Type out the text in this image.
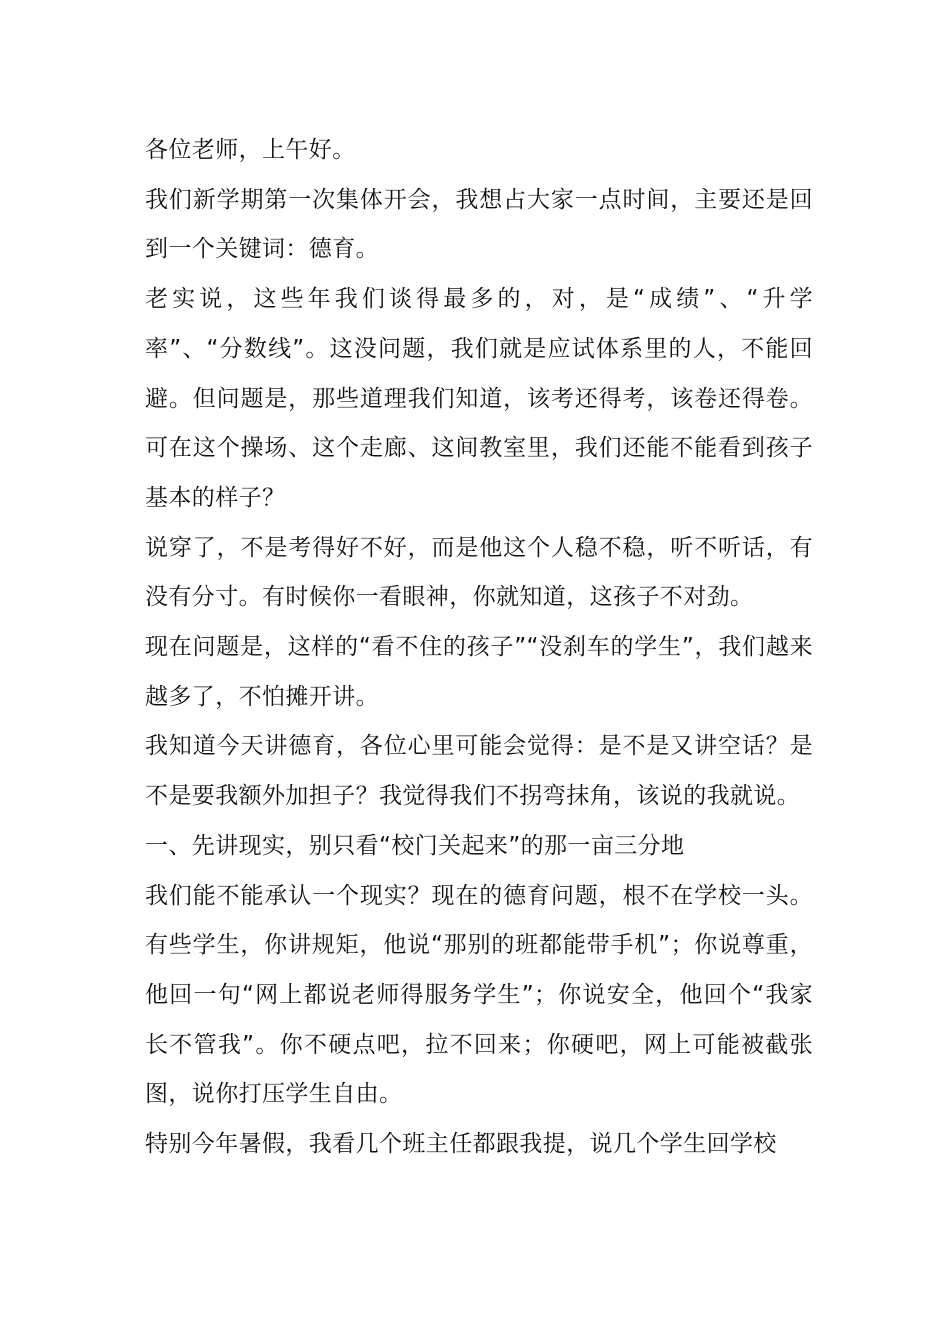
各位老师，上午好。

我们新学期第一次集体开会，我想占大家一点时间，主要还是回到一个关键词：德育。

老实说，这些年我们谈得最多的，对，是“成绩”、“升学率”、“分数线”。这没问题，我们就是应试体系里的人，不能回避。但问题是，那些道理我们知道，该考还得考，该卷还得卷。可在这个操场、这个走廊、这间教室里，我们还能不能看到孩子基本的样子？

说穿了，不是考得好不好，而是他这个人稳不稳，听不听话，有没有分寸。有时候你一看眼神，你就知道，这孩子不对劲。

现在问题是，这样的“看不住的孩子”“没刹车的学生”，我们越来越多了，不怕摊开讲。

我知道今天讲德育，各位心里可能会觉得：是不是又讲空话？是不是要我额外加担子？我觉得我们不拐弯抹角，该说的我就说。

一、先讲现实，别只看“校门关起来”的那一亩三分地

我们能不能承认一个现实？现在的德育问题，根不在学校一头。有些学生，你讲规矩，他说“那别的班都能带手机”；你说尊重，他回一句“网上都说老师得服务学生”；你说安全，他回个“我家长不管我”。你不硬点吧，拉不回来；你硬吧，网上可能被截张图，说你打压学生自由。

特别今年暑假，我看几个班主任都跟我提，说几个学生回学校
